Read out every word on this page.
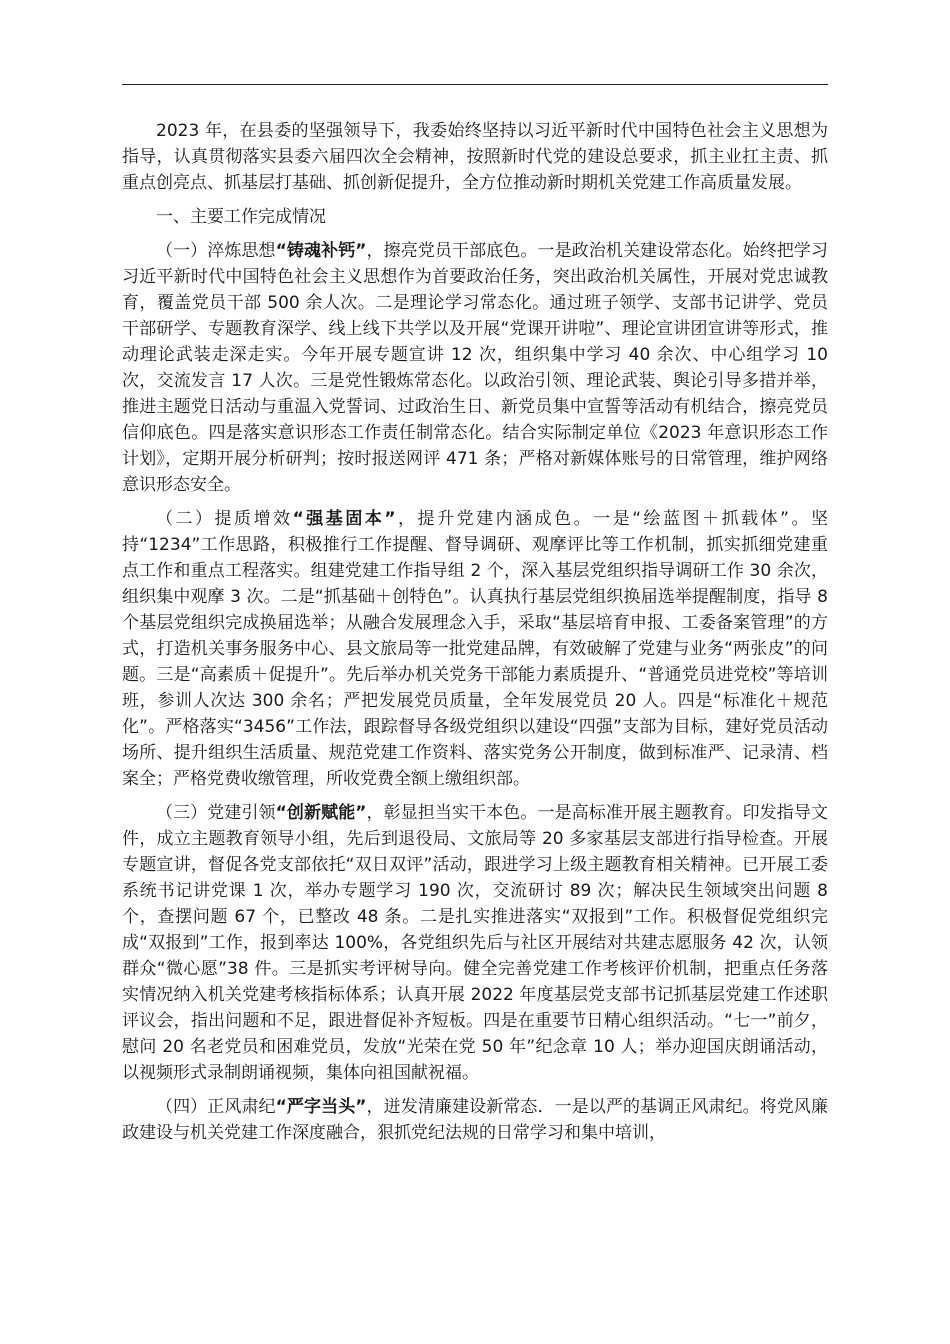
2023 年，在县委的坚强领导下，我委始终坚持以习近平新时代中国特色社会主义思想为指导，认真贯彻落实县委六届四次全会精神，按照新时代党的建设总要求，抓主业扛主责、抓重点创亮点、抓基层打基础、抓创新促提升，全方位推动新时期机关党建工作高质量发展。

一、主要工作完成情况

（一）淬炼思想“铸魂补钙”，擦亮党员干部底色。一是政治机关建设常态化。始终把学习习近平新时代中国特色社会主义思想作为首要政治任务，突出政治机关属性，开展对党忠诚教育，覆盖党员干部 500 余人次。二是理论学习常态化。通过班子领学、支部书记讲学、党员干部研学、专题教育深学、线上线下共学以及开展“党课开讲啦”、理论宣讲团宣讲等形式，推动理论武装走深走实。今年开展专题宣讲 12 次，组织集中学习 40 余次、中心组学习 10 次，交流发言 17 人次。三是党性锻炼常态化。以政治引领、理论武装、舆论引导多措并举，推进主题党日活动与重温入党誓词、过政治生日、新党员集中宣誓等活动有机结合，擦亮党员信仰底色。四是落实意识形态工作责任制常态化。结合实际制定单位《2023 年意识形态工作计划》，定期开展分析研判；按时报送网评 471 条；严格对新媒体账号的日常管理，维护网络意识形态安全。

（二）提质增效“强基固本”，提升党建内涵成色。一是“绘蓝图＋抓载体”。坚持“1234”工作思路，积极推行工作提醒、督导调研、观摩评比等工作机制，抓实抓细党建重点工作和重点工程落实。组建党建工作指导组 2 个，深入基层党组织指导调研工作 30 余次，组织集中观摩 3 次。二是“抓基础＋创特色”。认真执行基层党组织换届选举提醒制度，指导 8 个基层党组织完成换届选举；从融合发展理念入手，采取“基层培育申报、工委备案管理”的方式，打造机关事务服务中心、县文旅局等一批党建品牌，有效破解了党建与业务“两张皮”的问题。三是“高素质＋促提升”。先后举办机关党务干部能力素质提升、“普通党员进党校”等培训班，参训人次达 300 余名；严把发展党员质量，全年发展党员 20 人。四是“标准化＋规范化”。严格落实“3456”工作法，跟踪督导各级党组织以建设“四强”支部为目标，建好党员活动场所、提升组织生活质量、规范党建工作资料、落实党务公开制度，做到标准严、记录清、档案全；严格党费收缴管理，所收党费全额上缴组织部。

（三）党建引领“创新赋能”，彰显担当实干本色。一是高标准开展主题教育。印发指导文件，成立主题教育领导小组，先后到退役局、文旅局等 20 多家基层支部进行指导检查。开展专题宣讲，督促各党支部依托“双日双评”活动，跟进学习上级主题教育相关精神。已开展工委系统书记讲党课 1 次，举办专题学习 190 次，交流研讨 89 次；解决民生领域突出问题 8 个，查摆问题 67 个，已整改 48 条。二是扎实推进落实“双报到”工作。积极督促党组织完成“双报到”工作，报到率达 100%，各党组织先后与社区开展结对共建志愿服务 42 次，认领群众“微心愿”38 件。三是抓实考评树导向。健全完善党建工作考核评价机制，把重点任务落实情况纳入机关党建考核指标体系；认真开展 2022 年度基层党支部书记抓基层党建工作述职评议会，指出问题和不足，跟进督促补齐短板。四是在重要节日精心组织活动。“七一”前夕，慰问 20 名老党员和困难党员，发放“光荣在党 50 年”纪念章 10 人；举办迎国庆朗诵活动，以视频形式录制朗诵视频，集体向祖国献祝福。

（四）正风肃纪“严字当头”，迸发清廉建设新常态．一是以严的基调正风肃纪。将党风廉政建设与机关党建工作深度融合，狠抓党纪法规的日常学习和集中培训，
